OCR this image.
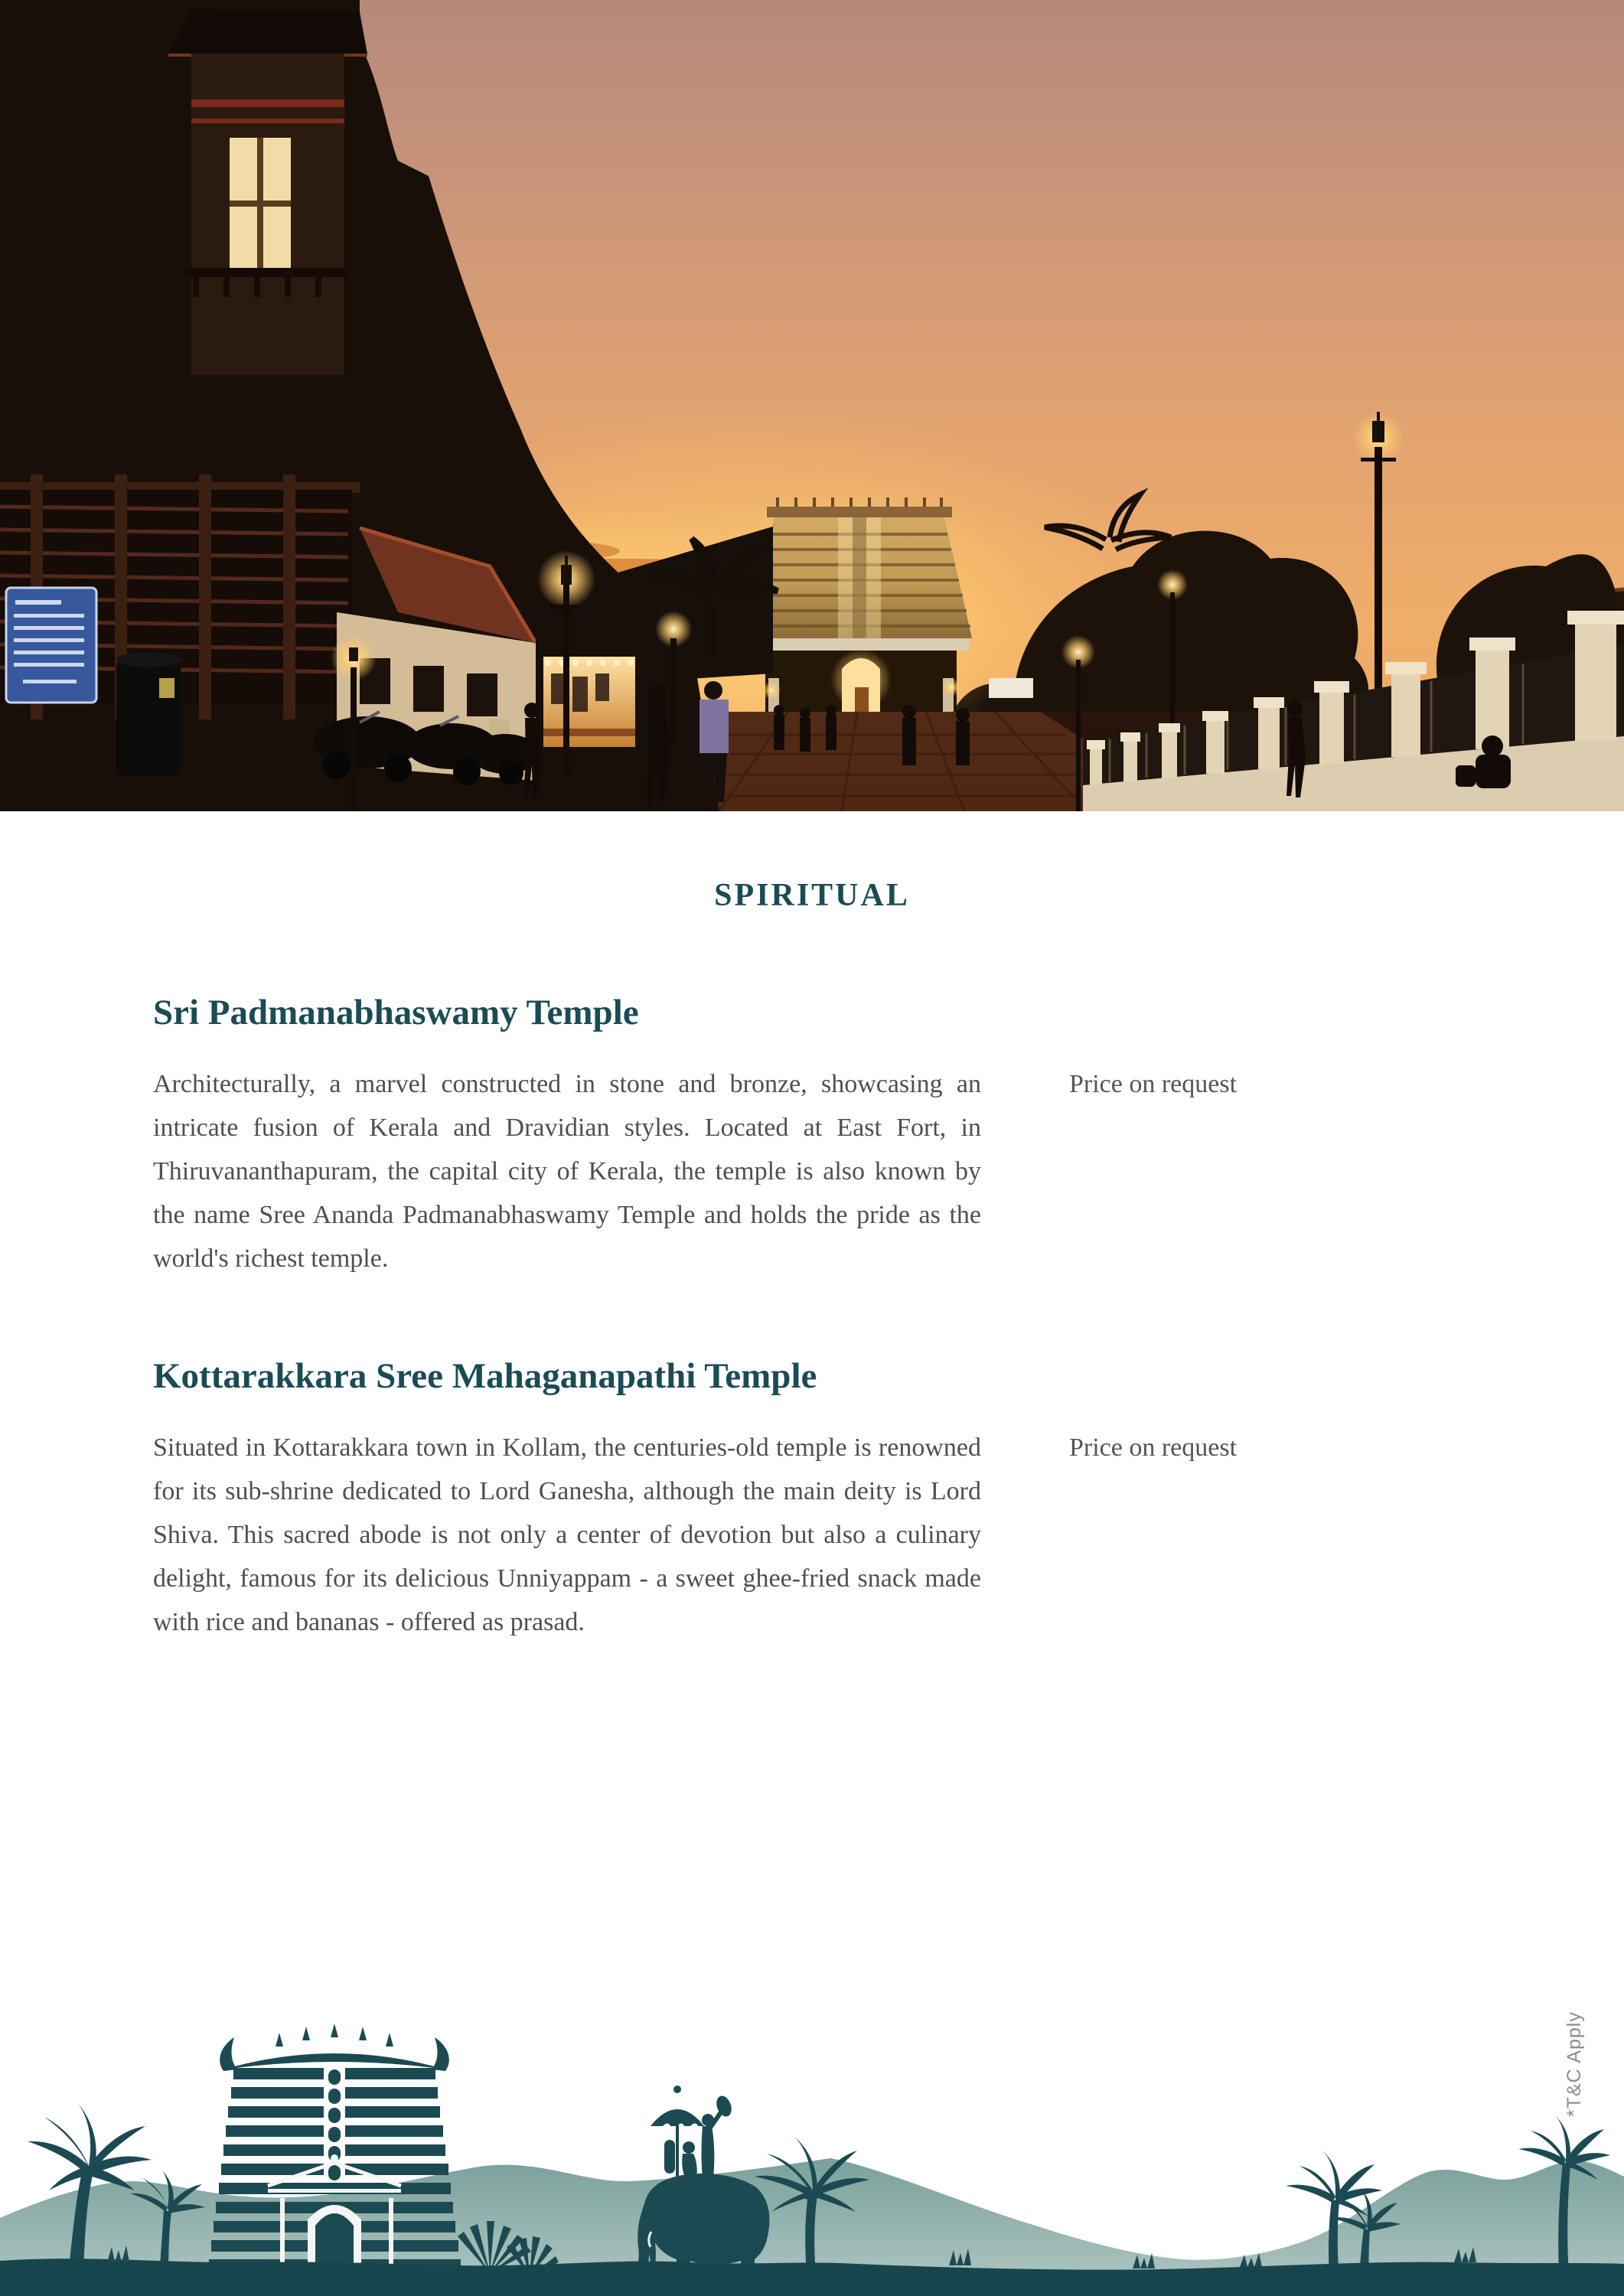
SPIRITUAL
Sri Padmanabhaswamy Temple

Architecturally, a marvel constructed in stone and bronze, showcasing an intricate fusion of Kerala and Dravidian styles. Located at East Fort, in Thiruvananthapuram, the capital city of Kerala, the temple is also known by the name Sree Ananda Padmanabhaswamy Temple and holds the pride as the world's richest temple.

Price on request
Kottarakkara Sree Mahaganapathi Temple

Situated in Kottarakkara town in Kollam, the centuries-old temple is renowned for its sub-shrine dedicated to Lord Ganesha, although the main deity is Lord Shiva. This sacred abode is not only a center of devotion but also a culinary delight, famous for its delicious Unniyappam - a sweet ghee-fried snack made with rice and bananas - offered as prasad.

Price on request
*T&C Apply
